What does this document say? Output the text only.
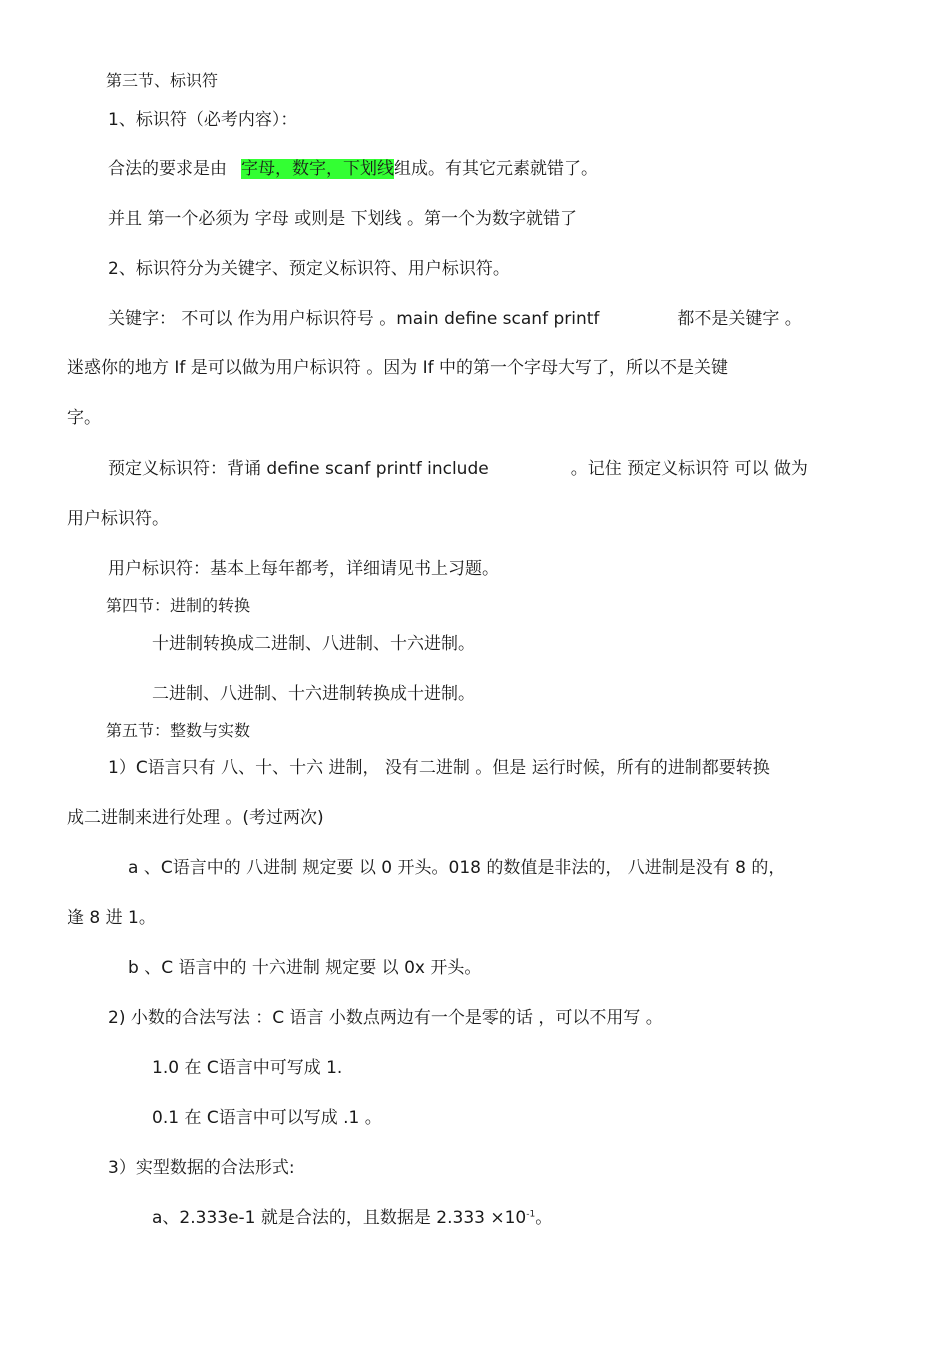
第三节、标识符
1、标识符（必考内容）：
合法的要求是由 字母，数字，下划线组成。有其它元素就错了。
并且 第一个必须为 字母 或则是 下划线 。第一个为数字就错了
2、标识符分为关键字、预定义标识符、用户标识符。
关键字： 不可以 作为用户标识符号 。main define scanf printf	都不是关键字 。
迷惑你的地方 If 是可以做为用户标识符 。因为 If 中的第一个字母大写了，所以不是关键
字。
预定义标识符：背诵 define scanf printf include	。记住 预定义标识符 可以 做为
用户标识符。
用户标识符：基本上每年都考，详细请见书上习题。
第四节：进制的转换
十进制转换成二进制、八进制、十六进制。
二进制、八进制、十六进制转换成十进制。
第五节：整数与实数
1）C语言只有 八、十、十六 进制， 没有二进制 。但是 运行时候，所有的进制都要转换
成二进制来进行处理 。(考过两次)
a 、C语言中的 八进制 规定要 以 0 开头。018 的数值是非法的， 八进制是没有 8 的，
逢 8 进 1。
b 、C 语言中的 十六进制 规定要 以 0x 开头。
2) 小数的合法写法 ：C 语言 小数点两边有一个是零的话 ，可以不用写 。
1.0 在 C语言中可写成 1.
0.1 在 C语言中可以写成 .1 。
3）实型数据的合法形式:
a、2.333e-1 就是合法的，且数据是 $2.333 \times 10^{-1}$。
